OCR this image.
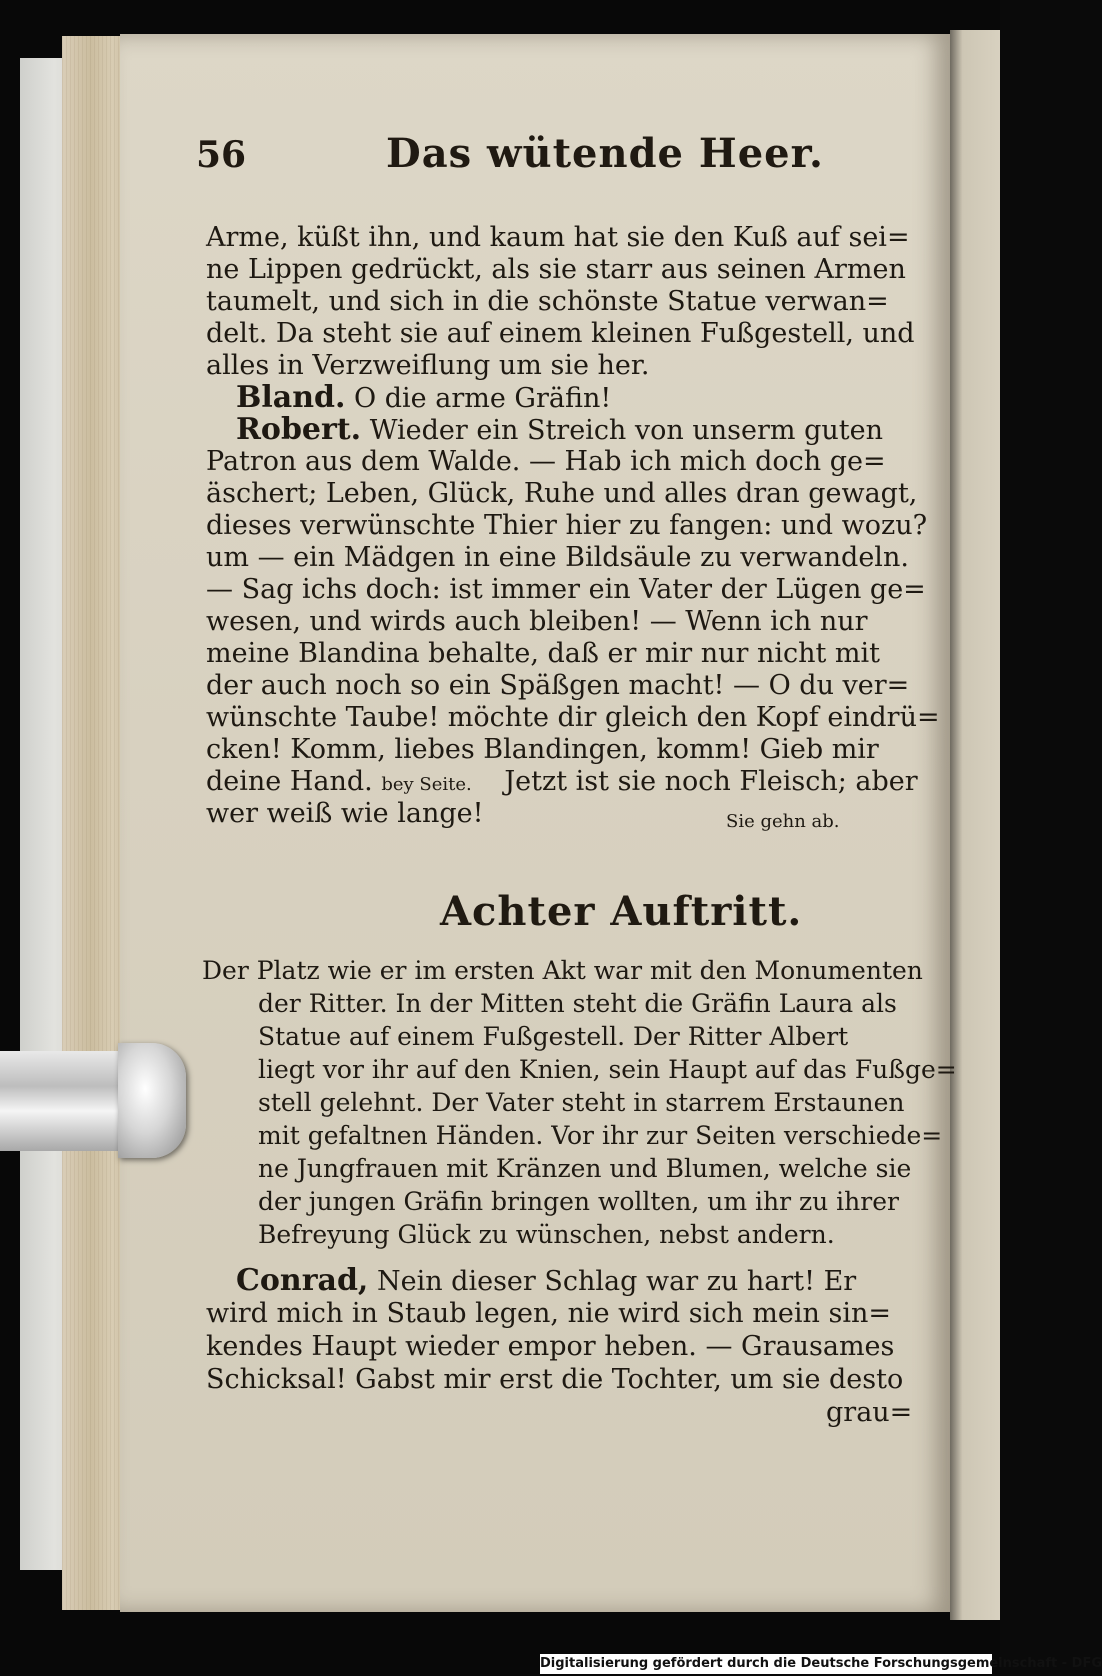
56	Das wütende Heer.
Arme, küßt ihn, und kaum hat sie den Kuß auf sei=
ne Lippen gedrückt, als sie starr aus seinen Armen
taumelt, und sich in die schönste Statue verwan=
delt. Da steht sie auf einem kleinen Fußgestell, und
alles in Verzweiflung um sie her.
Bland. O die arme Gräfin!
Robert. Wieder ein Streich von unserm guten
Patron aus dem Walde. — Hab ich mich doch ge=
äschert; Leben, Glück, Ruhe und alles dran gewagt,
dieses verwünschte Thier hier zu fangen: und wozu?
um — ein Mädgen in eine Bildsäule zu verwandeln.
— Sag ichs doch: ist immer ein Vater der Lügen ge=
wesen, und wirds auch bleiben! — Wenn ich nur
meine Blandina behalte, daß er mir nur nicht mit
der auch noch so ein Späßgen macht! — O du ver=
wünschte Taube! möchte dir gleich den Kopf eindrü=
cken! Komm, liebes Blandingen, komm! Gieb mir
deine Hand. bey Seite. Jetzt ist sie noch Fleisch; aber
wer weiß wie lange!	Sie gehn ab.
Achter Auftritt.
Der Platz wie er im ersten Akt war mit den Monumenten
der Ritter. In der Mitten steht die Gräfin Laura als
Statue auf einem Fußgestell. Der Ritter Albert
liegt vor ihr auf den Knien, sein Haupt auf das Fußge=
stell gelehnt. Der Vater steht in starrem Erstaunen
mit gefaltnen Händen. Vor ihr zur Seiten verschiede=
ne Jungfrauen mit Kränzen und Blumen, welche sie
der jungen Gräfin bringen wollten, um ihr zu ihrer
Befreyung Glück zu wünschen, nebst andern.
Conrad, Nein dieser Schlag war zu hart! Er
wird mich in Staub legen, nie wird sich mein sin=
kendes Haupt wieder empor heben. — Grausames
Schicksal! Gabst mir erst die Tochter, um sie desto
grau=
Digitalisierung gefördert durch die Deutsche Forschungsgemeinschaft - DFG
